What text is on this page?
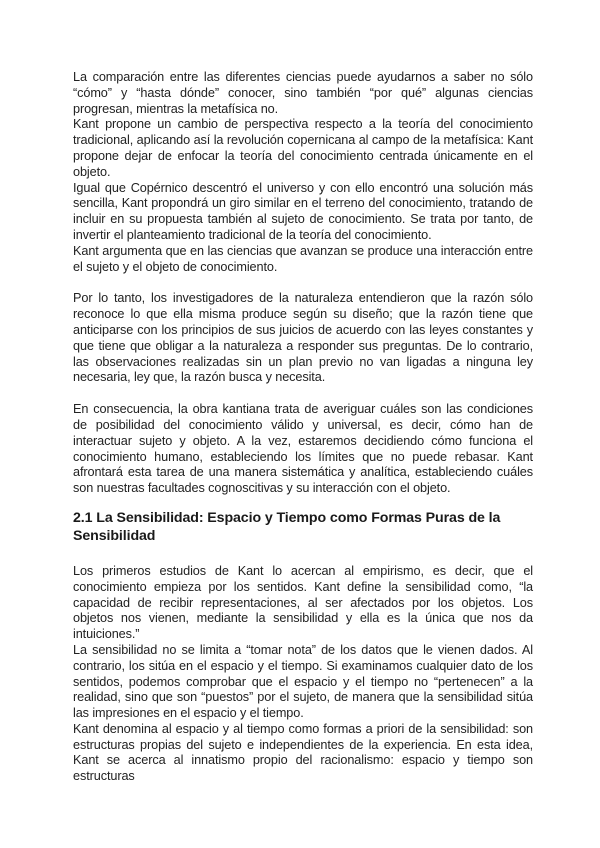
La comparación entre las diferentes ciencias puede ayudarnos a saber no sólo “cómo” y “hasta dónde” conocer, sino también “por qué” algunas ciencias progresan, mientras la metafísica no.

Kant propone un cambio de perspectiva respecto a la teoría del conocimiento tradicional, aplicando así la revolución copernicana al campo de la metafísica: Kant propone dejar de enfocar la teoría del conocimiento centrada únicamente en el objeto.

Igual que Copérnico descentró el universo y con ello encontró una solución más sencilla, Kant propondrá un giro similar en el terreno del conocimiento, tratando de incluir en su propuesta también al sujeto de conocimiento. Se trata por tanto, de invertir el planteamiento tradicional de la teoría del conocimiento.

Kant argumenta que en las ciencias que avanzan se produce una interacción entre el sujeto y el objeto de conocimiento.

Por lo tanto, los investigadores de la naturaleza entendieron que la razón sólo reconoce lo que ella misma produce según su diseño; que la razón tiene que anticiparse con los principios de sus juicios de acuerdo con las leyes constantes y que tiene que obligar a la naturaleza a responder sus preguntas. De lo contrario, las observaciones realizadas sin un plan previo no van ligadas a ninguna ley necesaria, ley que, la razón busca y necesita.

En consecuencia, la obra kantiana trata de averiguar cuáles son las condiciones de posibilidad del conocimiento válido y universal, es decir, cómo han de interactuar sujeto y objeto. A la vez, estaremos decidiendo cómo funciona el conocimiento humano, estableciendo los límites que no puede rebasar. Kant afrontará esta tarea de una manera sistemática y analítica, estableciendo cuáles son nuestras facultades cognoscitivas y su interacción con el objeto.

2.1 La Sensibilidad: Espacio y Tiempo como Formas Puras de la Sensibilidad

Los primeros estudios de Kant lo acercan al empirismo, es decir, que el conocimiento empieza por los sentidos. Kant define la sensibilidad como, “la capacidad de recibir representaciones, al ser afectados por los objetos. Los objetos nos vienen, mediante la sensibilidad y ella es la única que nos da intuiciones.”

La sensibilidad no se limita a “tomar nota” de los datos que le vienen dados. Al contrario, los sitúa en el espacio y el tiempo. Si examinamos cualquier dato de los sentidos, podemos comprobar que el espacio y el tiempo no “pertenecen” a la realidad, sino que son “puestos” por el sujeto, de manera que la sensibilidad sitúa las impresiones en el espacio y el tiempo.

Kant denomina al espacio y al tiempo como formas a priori de la sensibilidad: son estructuras propias del sujeto e independientes de la experiencia. En esta idea, Kant se acerca al innatismo propio del racionalismo: espacio y tiempo son estructuras
